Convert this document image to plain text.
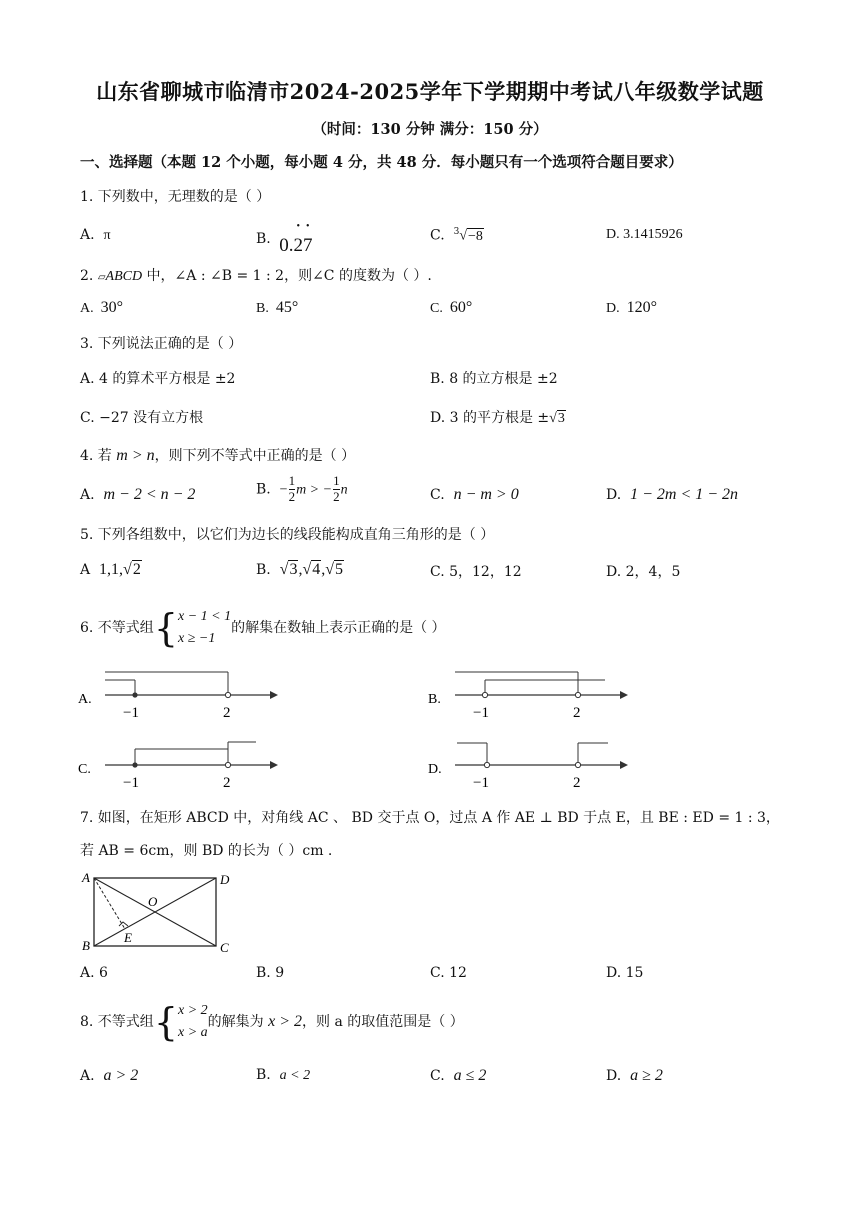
山东省聊城市临清市2024-2025学年下学期期中考试八年级数学试题
（时间：130 分钟 满分：150 分）
一、选择题（本题 12 个小题，每小题 4 分，共 48 分．每小题只有一个选项符合题目要求）
1. 下列数中，无理数的是（ ）
A. π	B. 0.• 2• 7	C. $^3$√−8	D. 3.1415926
2. ▱ABCD 中，∠A : ∠B = 1 : 2，则∠C 的度数为（ ）.
A. 30°	B. 45°	C. 60°	D. 120°
3. 下列说法正确的是（ ）
A. 4 的算术平方根是 ±2	B. 8 的立方根是 ±2
C. −27 没有立方根	D. 3 的平方根是 ±√3
4. 若 m > n，则下列不等式中正确的是（ ）
A. m − 2 < n − 2	B. − $\frac{1}{2}$ m > − $\frac{1}{2}$ n	C. n − m > 0	D. 1 − 2m < 1 − 2n
5. 下列各组数中，以它们为边长的线段能构成直角三角形的是（ ）
A 1,1,√2	B. √3,√4,√5	C. 5，12，12	D. 2，4，5
6. 不等式组{ x − 1 < 1
x ≥ −1
的解集在数轴上表示正确的是（ ）
A.
−1	2
B.
−1	2
C.
−1	2
D.
−1	2
7. 如图，在矩形 ABCD 中，对角线 AC 、 BD 交于点 O，过点 A 作 AE ⊥ BD 于点 E，且 BE : ED = 1 : 3，
若 AB = 6cm，则 BD 的长为（ ）cm .
A	D
B	C
O
E
A. 6	B. 9	C. 12	D. 15
8. 不等式组{ x > 2
x > a
的解集为 x > 2，则 a 的取值范围是（ ）
A. a > 2	B. a < 2	C. a ≤ 2	D. a ≥ 2
